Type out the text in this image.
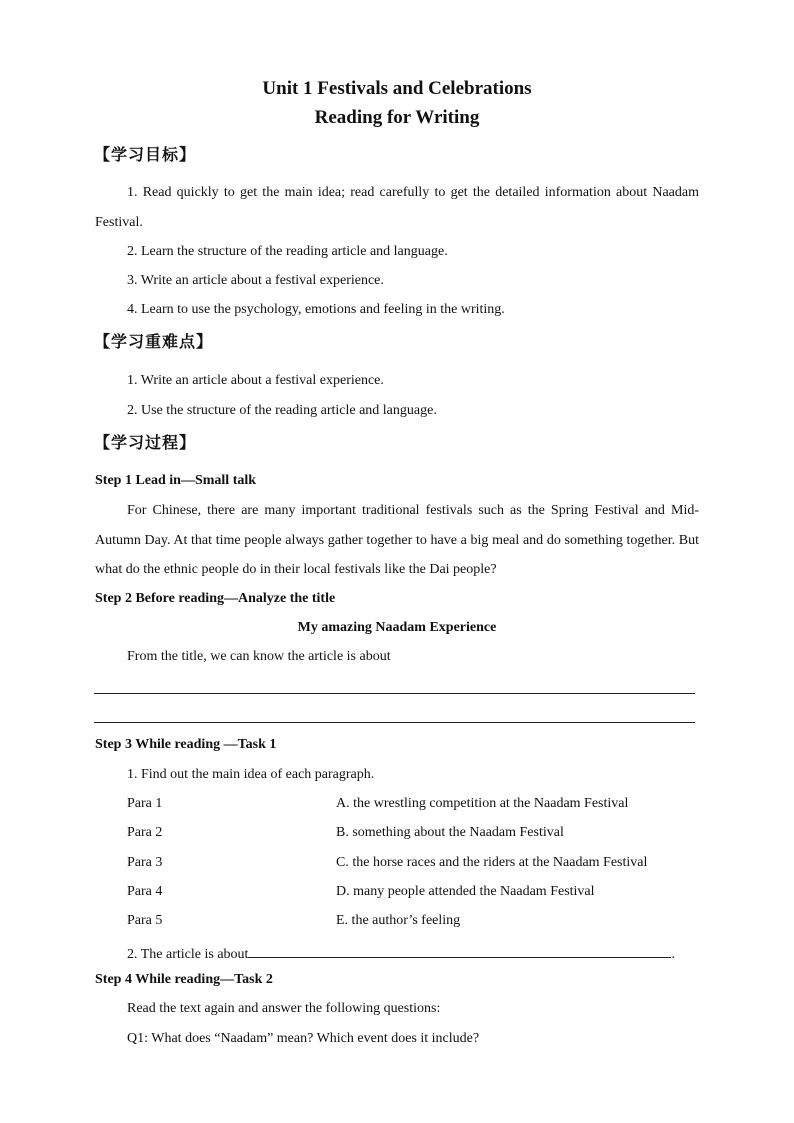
Unit 1 Festivals and Celebrations
Reading for Writing
【学习目标】
1. Read quickly to get the main idea; read carefully to get the detailed information about Naadam Festival.
2. Learn the structure of the reading article and language.
3. Write an article about a festival experience.
4. Learn to use the psychology, emotions and feeling in the writing.
【学习重难点】
1. Write an article about a festival experience.
2. Use the structure of the reading article and language.
【学习过程】
Step 1 Lead in—Small talk
For Chinese, there are many important traditional festivals such as the Spring Festival and Mid-Autumn Day. At that time people always gather together to have a big meal and do something together. But what do the ethnic people do in their local festivals like the Dai people?
Step 2 Before reading—Analyze the title
My amazing Naadam Experience
From the title, we can know the article is about
Step 3 While reading —Task 1
1. Find out the main idea of each paragraph.
Para 1	A. the wrestling competition at the Naadam Festival
Para 2	B. something about the Naadam Festival
Para 3	C. the horse races and the riders at the Naadam Festival
Para 4	D. many people attended the Naadam Festival
Para 5	E. the author’s feeling
2. The article is about	.
Step 4 While reading—Task 2
Read the text again and answer the following questions:
Q1: What does “Naadam” mean? Which event does it include?
